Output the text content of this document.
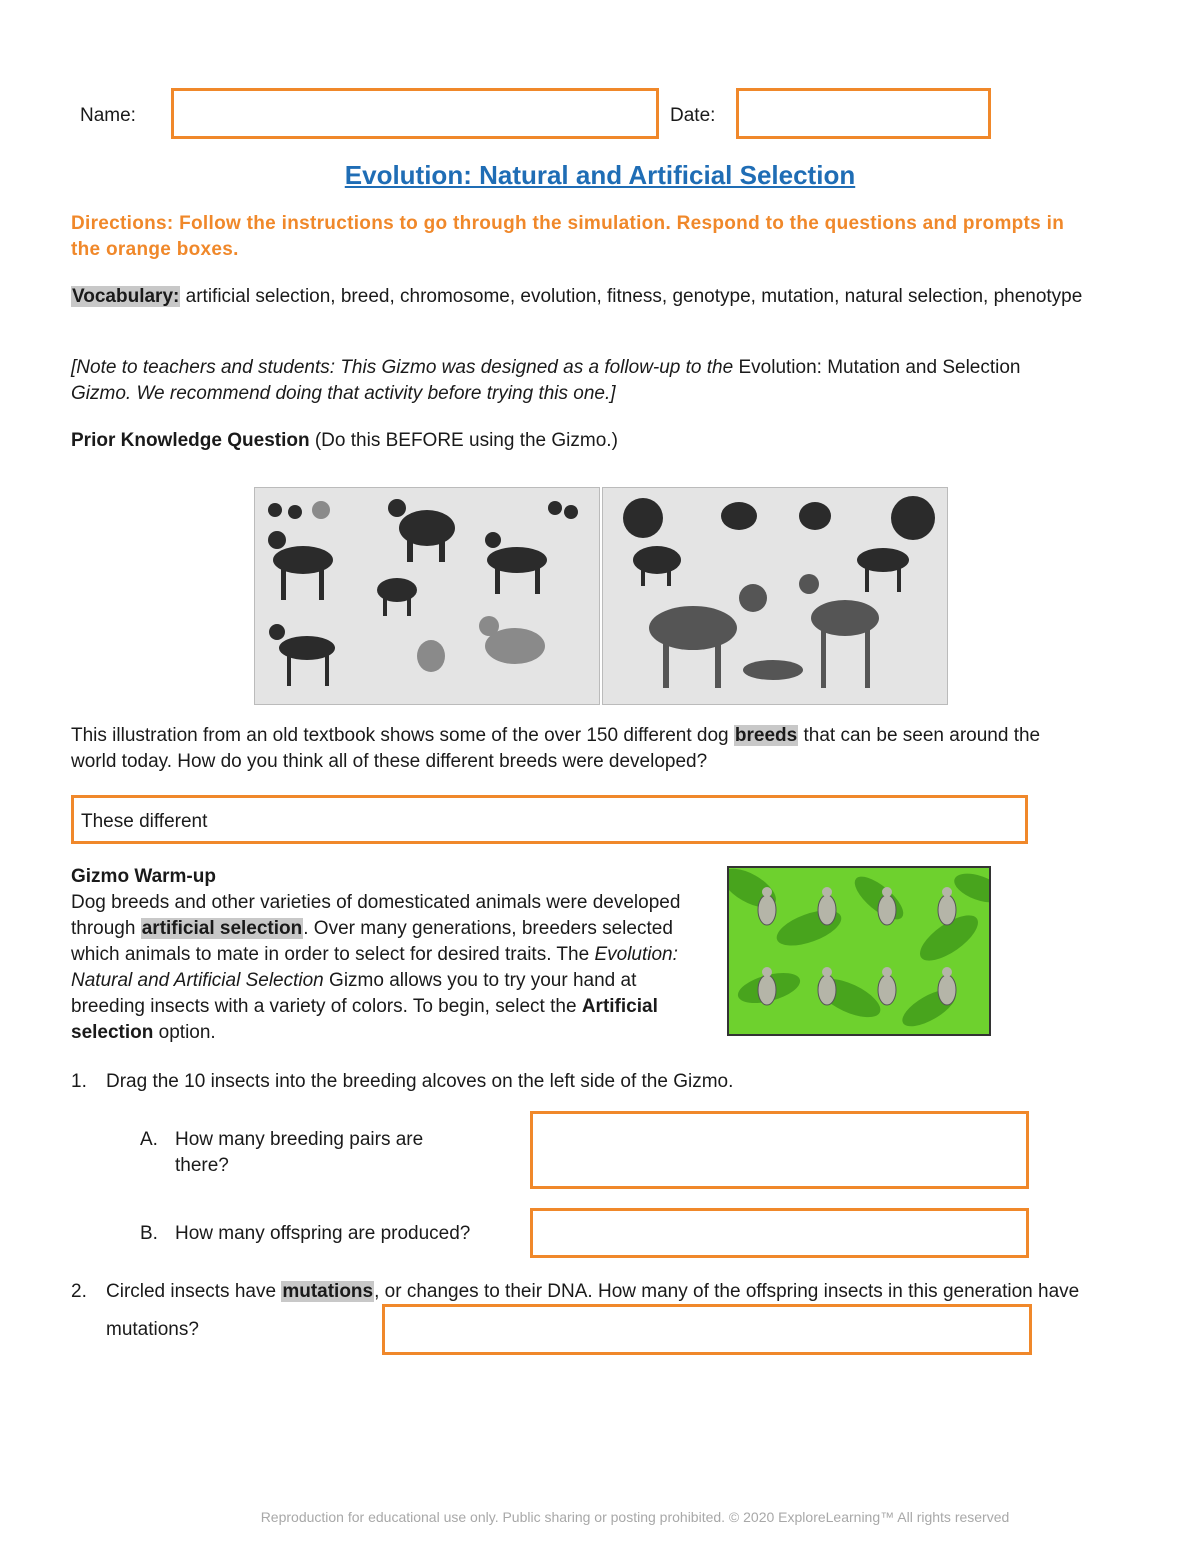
Name:	Date:
Evolution: Natural and Artificial Selection
Directions: Follow the instructions to go through the simulation. Respond to the questions and prompts in the orange boxes.
Vocabulary: artificial selection, breed, chromosome, evolution, fitness, genotype, mutation, natural selection, phenotype
[Note to teachers and students: This Gizmo was designed as a follow-up to the Evolution: Mutation and Selection Gizmo. We recommend doing that activity before trying this one.]
Prior Knowledge Question (Do this BEFORE using the Gizmo.)
This illustration from an old textbook shows some of the over 150 different dog breeds that can be seen around the world today. How do you think all of these different breeds were developed?
These different
Gizmo Warm-up
Dog breeds and other varieties of domesticated animals were developed through artificial selection. Over many generations, breeders selected which animals to mate in order to select for desired traits. The Evolution: Natural and Artificial Selection Gizmo allows you to try your hand at breeding insects with a variety of colors. To begin, select the Artificial selection option.
1. Drag the 10 insects into the breeding alcoves on the left side of the Gizmo.
A. How many breeding pairs are there?
B. How many offspring are produced?
2. Circled insects have mutations, or changes to their DNA. How many of the offspring insects in this generation have mutations?
Reproduction for educational use only. Public sharing or posting prohibited. © 2020 ExploreLearning™ All rights reserved
